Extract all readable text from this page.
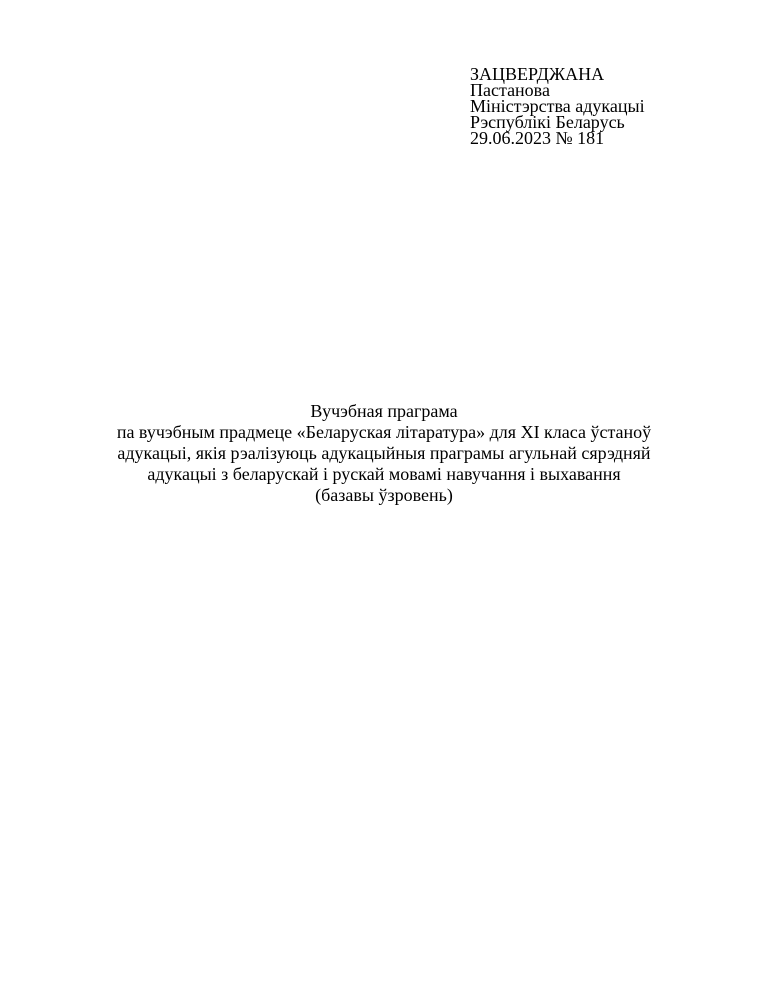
ЗАЦВЕРДЖАНА
Пастанова
Міністэрства адукацыі
Рэспублікі Беларусь
29.06.2023 № 181
Вучэбная праграма
па вучэбным прадмеце «Беларуская літаратура» для XI класа ўстаноў
адукацыі, якія рэалізуюць адукацыйныя праграмы агульнай сярэдняй
адукацыі з беларускай і рускай мовамі навучання і выхавання
(базавы ўзровень)
